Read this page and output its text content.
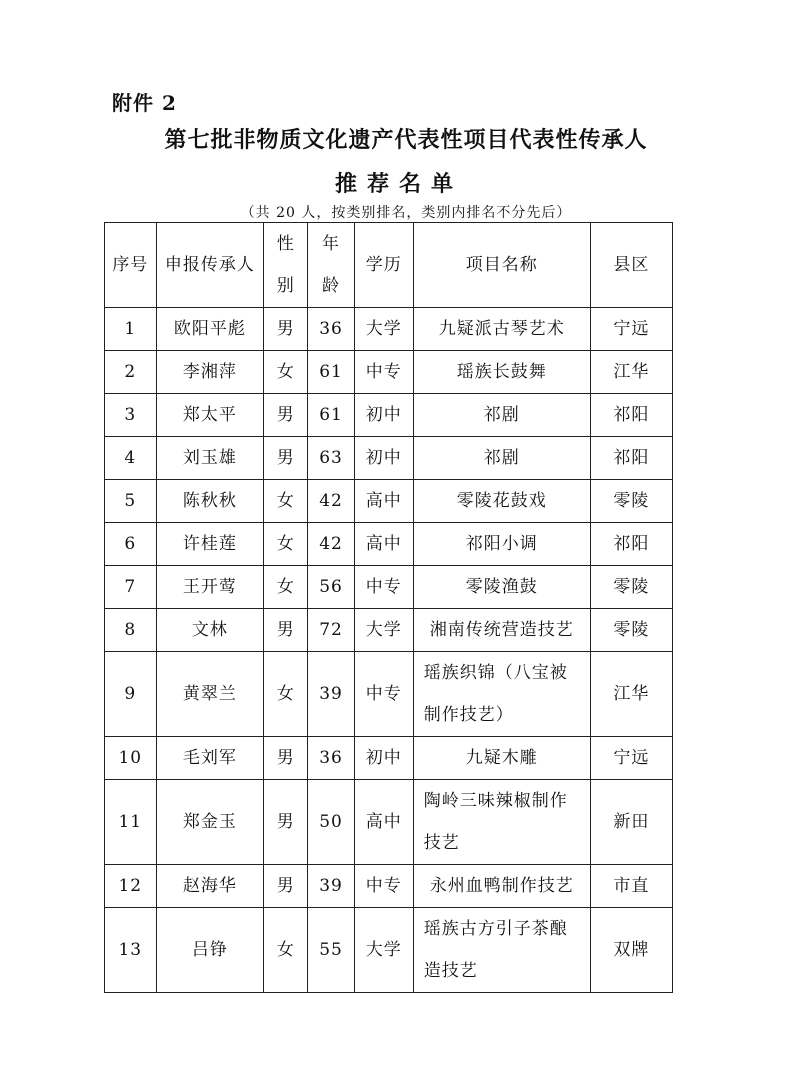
附件 2
第七批非物质文化遗产代表性项目代表性传承人
推荐名单
（共 20 人，按类别排名，类别内排名不分先后）
序号	申报传承人	性别	年龄	学历	项目名称	县区
1	欧阳平彪	男	36	大学	九疑派古琴艺术	宁远
2	李湘萍	女	61	中专	瑶族长鼓舞	江华
3	郑太平	男	61	初中	祁剧	祁阳
4	刘玉雄	男	63	初中	祁剧	祁阳
5	陈秋秋	女	42	高中	零陵花鼓戏	零陵
6	许桂莲	女	42	高中	祁阳小调	祁阳
7	王开莺	女	56	中专	零陵渔鼓	零陵
8	文林	男	72	大学	湘南传统营造技艺	零陵
9	黄翠兰	女	39	中专	瑶族织锦（八宝被制作技艺）	江华
10	毛刘军	男	36	初中	九疑木雕	宁远
11	郑金玉	男	50	高中	陶岭三味辣椒制作技艺	新田
12	赵海华	男	39	中专	永州血鸭制作技艺	市直
13	吕铮	女	55	大学	瑶族古方引子茶酿造技艺	双牌
